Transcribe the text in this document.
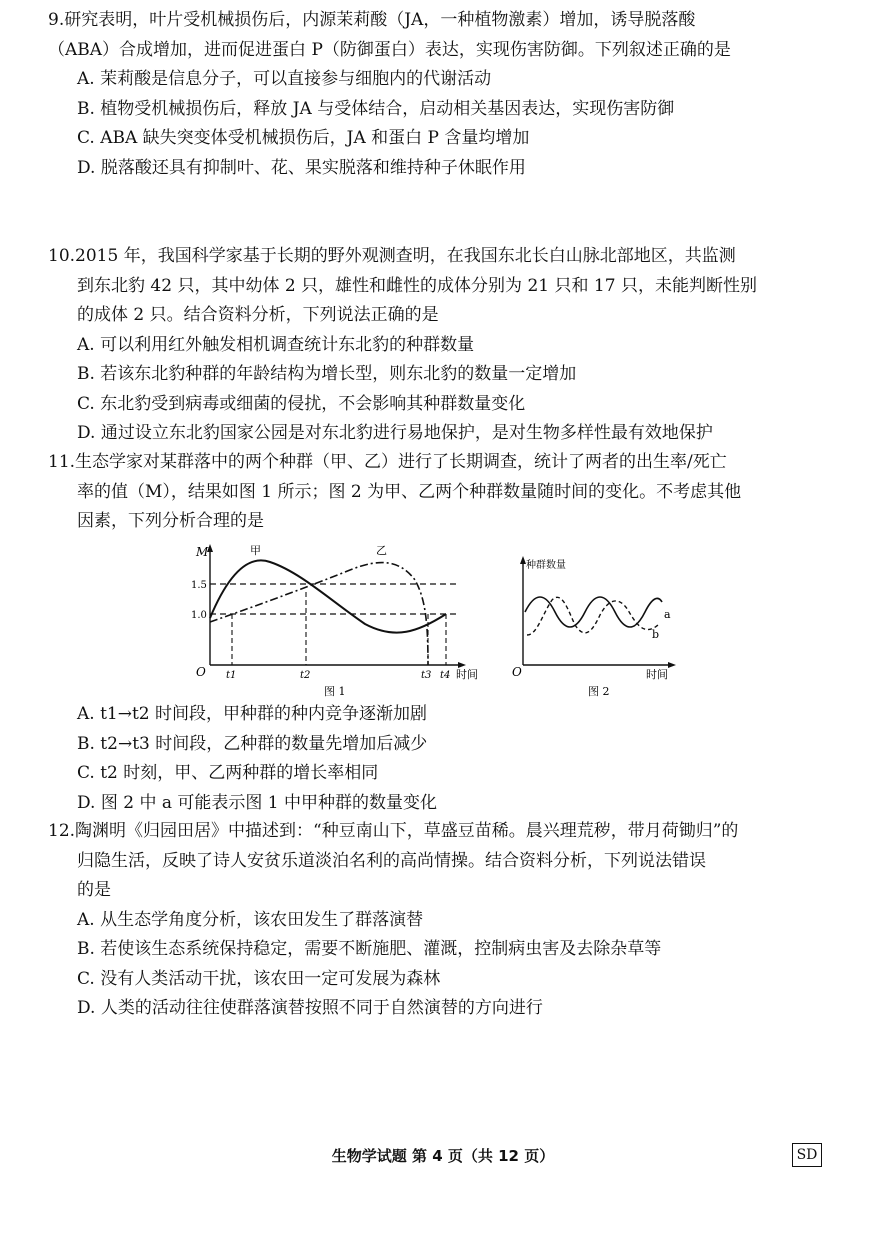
9.研究表明，叶片受机械损伤后，内源茉莉酸（JA，一种植物激素）增加，诱导脱落酸
（ABA）合成增加，进而促进蛋白 P（防御蛋白）表达，实现伤害防御。下列叙述正确的是

A. 茉莉酸是信息分子，可以直接参与细胞内的代谢活动
B. 植物受机械损伤后，释放 JA 与受体结合，启动相关基因表达，实现伤害防御
C. ABA 缺失突变体受机械损伤后，JA 和蛋白 P 含量均增加
D. 脱落酸还具有抑制叶、花、果实脱落和维持种子休眠作用

10.2015 年，我国科学家基于长期的野外观测查明，在我国东北长白山脉北部地区，共监测
到东北豹 42 只，其中幼体 2 只，雄性和雌性的成体分别为 21 只和 17 只，未能判断性别
的成体 2 只。结合资料分析，下列说法正确的是

A. 可以利用红外触发相机调查统计东北豹的种群数量
B. 若该东北豹种群的年龄结构为增长型，则东北豹的数量一定增加
C. 东北豹受到病毒或细菌的侵扰，不会影响其种群数量变化
D. 通过设立东北豹国家公园是对东北豹进行易地保护，是对生物多样性最有效地保护

11.生态学家对某群落中的两个种群（甲、乙）进行了长期调查，统计了两者的出生率/死亡
率的值（M），结果如图 1 所示；图 2 为甲、乙两个种群数量随时间的变化。不考虑其他
因素，下列分析合理的是

M
O
1.5
1.0
甲	乙
t1	t2	t3 t4 时间
图 1
种群数量
O	时间
a
b
图 2
A. t1→t2 时间段，甲种群的种内竞争逐渐加剧
B. t2→t3 时间段，乙种群的数量先增加后减少
C. t2 时刻，甲、乙两种群的增长率相同
D. 图 2 中 a 可能表示图 1 中甲种群的数量变化

12.陶渊明《归园田居》中描述到：“种豆南山下，草盛豆苗稀。晨兴理荒秽，带月荷锄归”的
归隐生活，反映了诗人安贫乐道淡泊名利的高尚情操。结合资料分析，下列说法错误
的是

A. 从生态学角度分析，该农田发生了群落演替
B. 若使该生态系统保持稳定，需要不断施肥、灌溉，控制病虫害及去除杂草等
C. 没有人类活动干扰，该农田一定可发展为森林
D. 人类的活动往往使群落演替按照不同于自然演替的方向进行
生物学试题 第 4 页（共 12 页）	SD
